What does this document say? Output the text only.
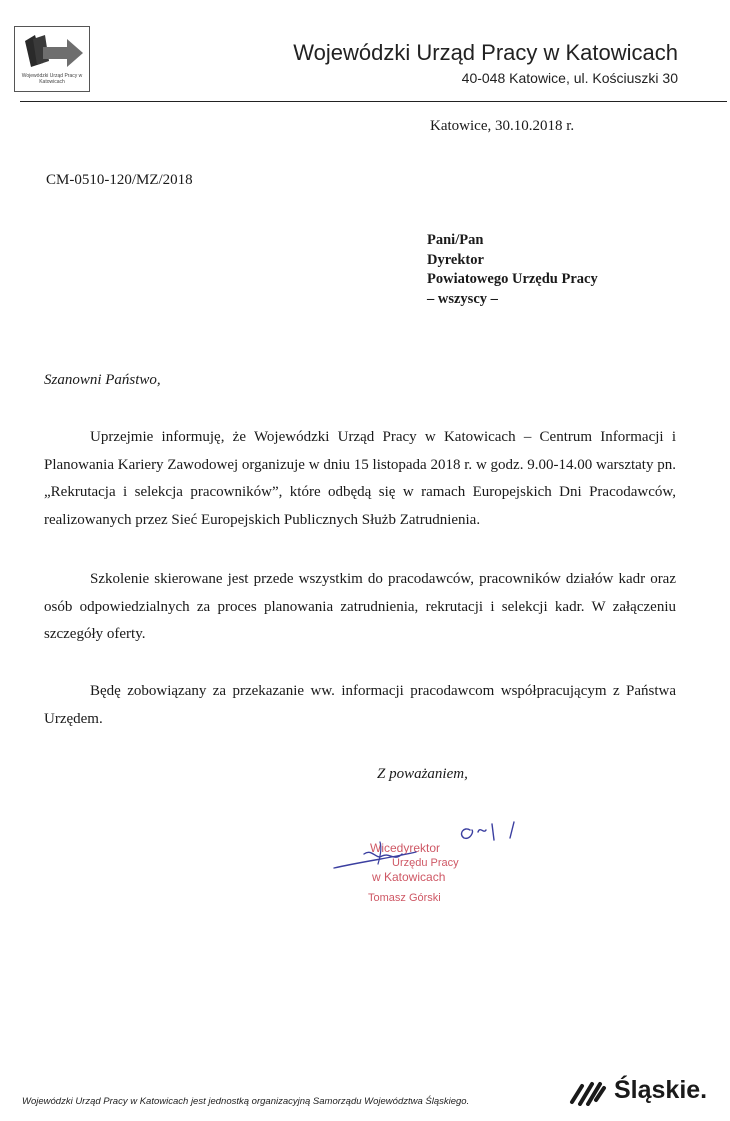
Wojewódzki Urząd Pracy w Katowicach
Wojewódzki Urząd Pracy w Katowicach
40-048 Katowice, ul. Kościuszki 30
Katowice, 30.10.2018 r.
CM-0510-120/MZ/2018
Pani/Pan
Dyrektor
Powiatowego Urzędu Pracy
– wszyscy –
Szanowni Państwo,

Uprzejmie informuję, że Wojewódzki Urząd Pracy w Katowicach – Centrum Informacji i Planowania Kariery Zawodowej organizuje w dniu 15 listopada 2018 r. w godz. 9.00-14.00 warsztaty pn. „Rekrutacja i selekcja pracowników”, które odbędą się w ramach Europejskich Dni Pracodawców, realizowanych przez Sieć Europejskich Publicznych Służb Zatrudnienia.

Szkolenie skierowane jest przede wszystkim do pracodawców, pracowników działów kadr oraz osób odpowiedzialnych za proces planowania zatrudnienia, rekrutacji i selekcji kadr. W załączeniu szczegóły oferty.

Będę zobowiązany za przekazanie ww. informacji pracodawcom współpracującym z Państwa Urzędem.

Z poważaniem,
Wicedyrektor
Urzędu Pracy
w Katowicach
Tomasz Górski
Wojewódzki Urząd Pracy w Katowicach jest jednostką organizacyjną Samorządu Województwa Śląskiego.	Śląskie.
